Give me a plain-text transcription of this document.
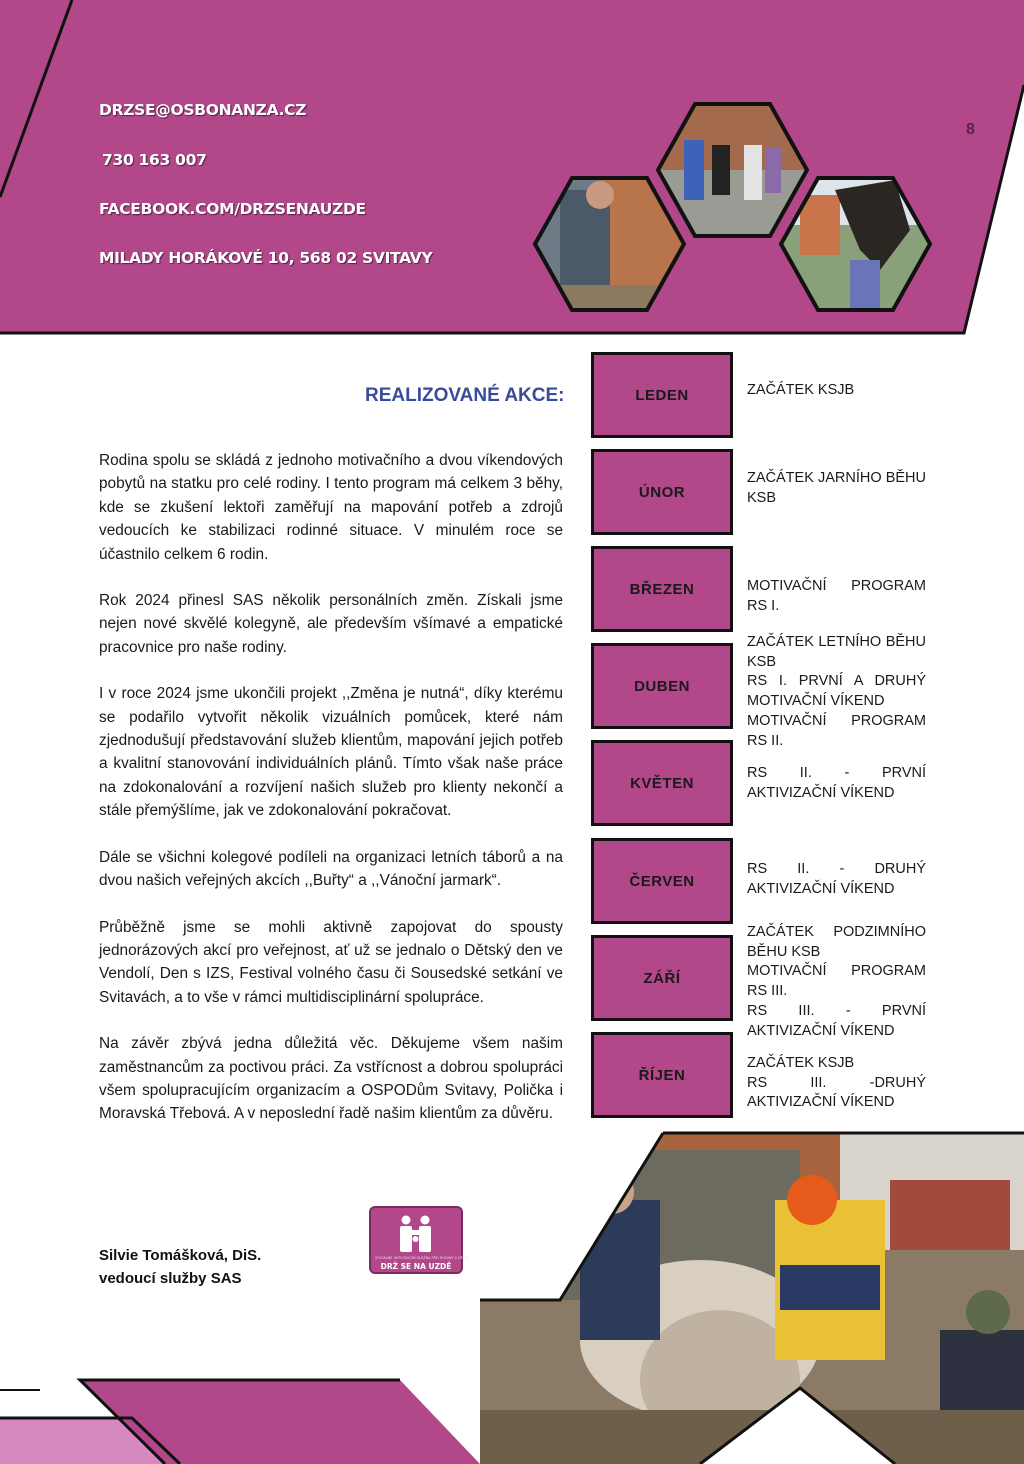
DRZSE@OSBONANZA.CZ
730 163 007
FACEBOOK.COM/DRZSENAUZDE
MILADY HORÁKOVÉ 10, 568 02 SVITAVY
8
REALIZOVANÉ AKCE:

Rodina spolu se skládá z jednoho motivačního a dvou víkendových pobytů na statku pro celé rodiny. I tento program má celkem 3 běhy, kde se zkušení lektoři zaměřují na mapování potřeb a zdrojů vedoucích ke stabilizaci rodinné situace. V minulém roce se účastnilo celkem 6 rodin.

Rok 2024 přinesl SAS několik personálních změn. Získali jsme nejen nové skvělé kolegyně, ale především všímavé a empatické pracovnice pro naše rodiny.

I v roce 2024 jsme ukončili projekt ,,Změna je nutná“, díky kterému se podařilo vytvořit několik vizuálních pomůcek, které nám zjednodušují představování služeb klientům, mapování jejich potřeb a kvalitní stanovování individuálních plánů. Tímto však naše práce na zdokonalování a rozvíjení našich služeb pro klienty nekončí a stále přemýšlíme, jak ve zdokonalování pokračovat.

Dále se všichni kolegové podíleli na organizaci letních táborů a na dvou našich veřejných akcích ,,Buřty“ a ,,Vánoční jarmark“.

Průběžně jsme se mohli aktivně zapojovat do spousty jednorázových akcí pro veřejnost, ať už se jednalo o Dětský den ve Vendolí, Den s IZS, Festival volného času či Sousedské setkání ve Svitavách, a to vše v rámci multidisciplinární spolupráce.

Na závěr zbývá jedna důležitá věc. Děkujeme všem našim zaměstnancům za poctivou práci. Za vstřícnost a dobrou spolupráci všem spolupracujícím organizacím a OSPODům Svitavy, Polička i Moravská Třebová. A v neposlední řadě našim klientům za důvěru.

Silvie Tomášková, DiS.
vedoucí služby SAS
SOCIÁLNĚ AKTIVIZAČNÍ SLUŽBA PRO RODINY S DĚTMI
DRŽ SE NA UZDĚ
LEDEN	ZAČÁTEK KSJB
ÚNOR
ZAČÁTEK JARNÍHO BĚHU KSB
BŘEZEN	MOTIVAČNÍ PROGRAM RS I.
DUBEN
ZAČÁTEK LETNÍHO BĚHU KSB
RS I. PRVNÍ A DRUHÝ MOTIVAČNÍ VÍKEND
MOTIVAČNÍ PROGRAM RS II.
KVĚTEN
RS II. - PRVNÍ AKTIVIZAČNÍ VÍKEND
ČERVEN
RS II. - DRUHÝ AKTIVIZAČNÍ VÍKEND
ZÁŘÍ
ZAČÁTEK PODZIMNÍHO BĚHU KSB
MOTIVAČNÍ PROGRAM RS III.
RS III. - PRVNÍ AKTIVIZAČNÍ VÍKEND
ŘÍJEN
ZAČÁTEK KSJB
RS III. -DRUHÝ AKTIVIZAČNÍ VÍKEND
